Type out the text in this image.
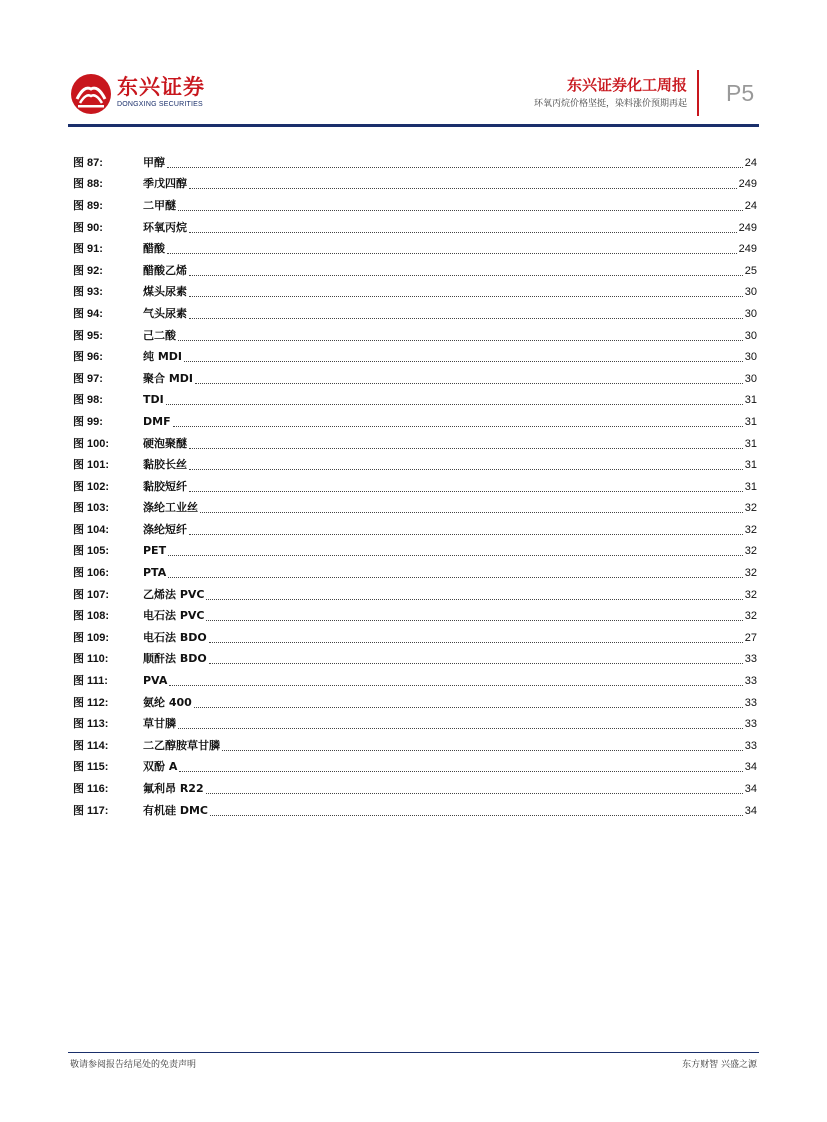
东兴证券
DONGXING SECURITIES
东兴证券化工周报
环氧丙烷价格坚挺，染料涨价预期再起 P5
图 87:	甲醇	24
图 88:	季戊四醇	249
图 89:	二甲醚	24
图 90:	环氧丙烷	249
图 91:	醋酸	249
图 92:	醋酸乙烯	25
图 93:	煤头尿素	30
图 94:	气头尿素	30
图 95:	己二酸	30
图 96:	纯 MDI	30
图 97:	聚合 MDI	30
图 98:	TDI	31
图 99:	DMF	31
图 100:	硬泡聚醚	31
图 101:	黏胶长丝	31
图 102:	黏胶短纤	31
图 103:	涤纶工业丝	32
图 104:	涤纶短纤	32
图 105:	PET	32
图 106:	PTA	32
图 107:	乙烯法 PVC	32
图 108:	电石法 PVC	32
图 109:	电石法 BDO	27
图 110:	顺酐法 BDO	33
图 111:	PVA	33
图 112:	氨纶 400	33
图 113:	草甘膦	33
图 114:	二乙醇胺草甘膦	33
图 115:	双酚 A	34
图 116:	氟利昂 R22	34
图 117:	有机硅 DMC	34
敬请参阅报告结尾处的免责声明	东方财智 兴盛之源
